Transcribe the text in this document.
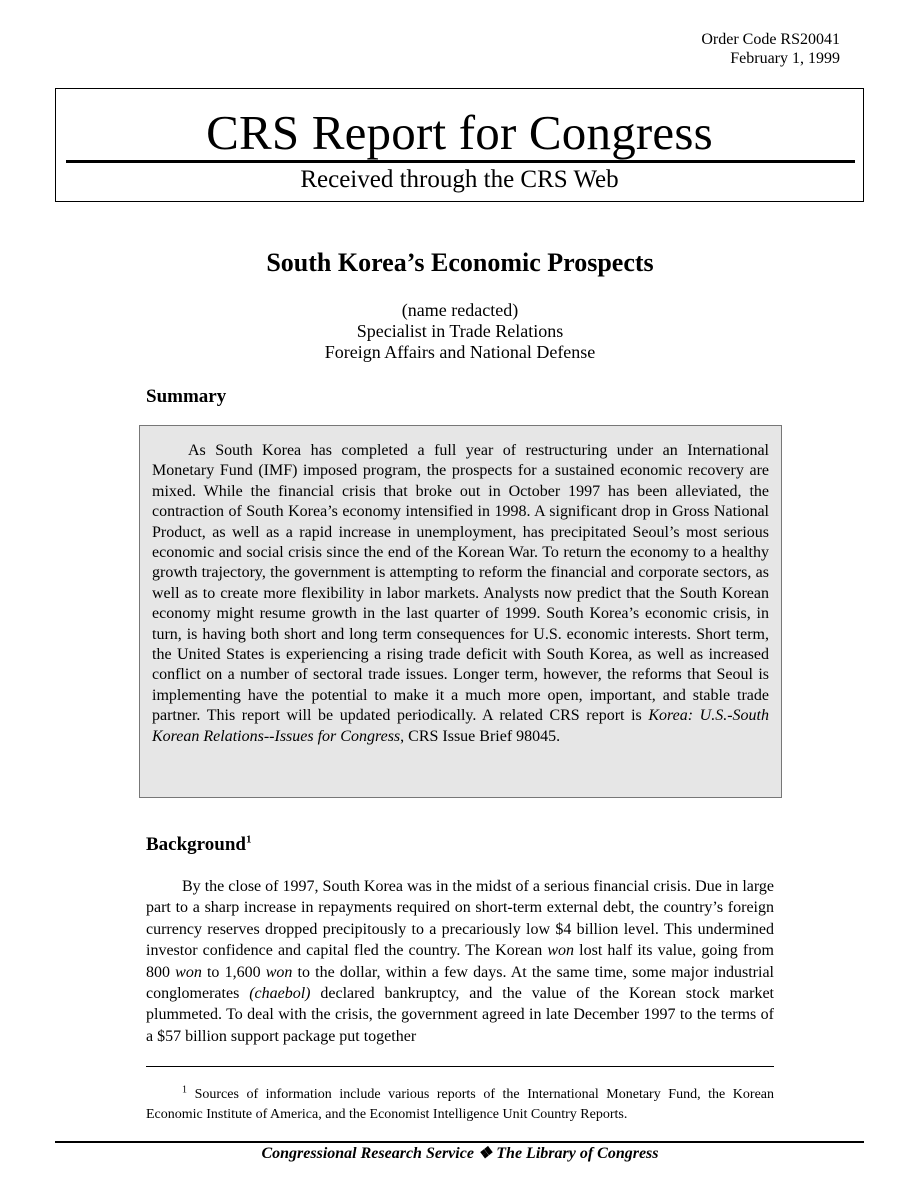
Order Code RS20041
February 1, 1999
CRS Report for Congress
Received through the CRS Web
South Korea’s Economic Prospects
(name redacted)
Specialist in Trade Relations
Foreign Affairs and National Defense
Summary

As South Korea has completed a full year of restructuring under an International Monetary Fund (IMF) imposed program, the prospects for a sustained economic recovery are mixed. While the financial crisis that broke out in October 1997 has been alleviated, the contraction of South Korea’s economy intensified in 1998. A significant drop in Gross National Product, as well as a rapid increase in unemployment, has precipitated Seoul’s most serious economic and social crisis since the end of the Korean War. To return the economy to a healthy growth trajectory, the government is attempting to reform the financial and corporate sectors, as well as to create more flexibility in labor markets. Analysts now predict that the South Korean economy might resume growth in the last quarter of 1999. South Korea’s economic crisis, in turn, is having both short and long term consequences for U.S. economic interests. Short term, the United States is experiencing a rising trade deficit with South Korea, as well as increased conflict on a number of sectoral trade issues. Longer term, however, the reforms that Seoul is implementing have the potential to make it a much more open, important, and stable trade partner. This report will be updated periodically. A related CRS report is Korea: U.S.-South Korean Relations--Issues for Congress, CRS Issue Brief 98045.

Background$^1$

By the close of 1997, South Korea was in the midst of a serious financial crisis. Due in large part to a sharp increase in repayments required on short-term external debt, the country’s foreign currency reserves dropped precipitously to a precariously low $4 billion level. This undermined investor confidence and capital fled the country. The Korean won lost half its value, going from 800 won to 1,600 won to the dollar, within a few days. At the same time, some major industrial conglomerates (chaebol) declared bankruptcy, and the value of the Korean stock market plummeted. To deal with the crisis, the government agreed in late December 1997 to the terms of a $57 billion support package put together

$^1$ Sources of information include various reports of the International Monetary Fund, the Korean Economic Institute of America, and the Economist Intelligence Unit Country Reports.

Congressional Research Service ❖ The Library of Congress
